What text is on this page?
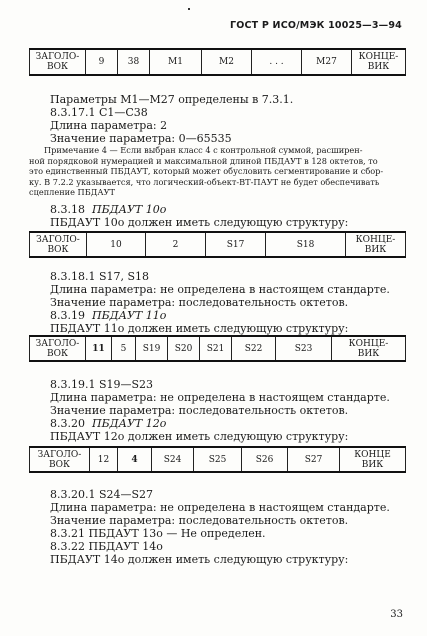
ГОСТ Р ИСО/МЭК 10025—3—94
ЗАГОЛО-
ВОК	9	38	M1	M2	. . .	M27	КОНЦЕ-
ВИК
Параметры M1—M27 определены в 7.3.1.
8.3.17.1 C1—C38
Длина параметра: 2
Значение параметра: 0—65535
Примечание 4 — Если выбран класс 4 с контрольной суммой, расширен-
ной порядковой нумерацией и максимальной длиной ПБДАУТ в 128 октетов, то
это единственный ПБДАУТ, который может обусловить сегментирование и сбор-
ку. В 7.2.2 указывается, что логический-объект-ВТ-ПАУТ не будет обеспечивать
сцепление ПБДАУТ
8.3.18 ПБДАУТ 10о
ПБДАУТ 10о должен иметь следующую структуру:
ЗАГОЛО-
ВОК	10	2	S17	S18	КОНЦЕ-
ВИК
8.3.18.1 S17, S18
Длина параметра: не определена в настоящем стандарте.
Значение параметра: последовательность октетов.
8.3.19 ПБДАУТ 11о
ПБДАУТ 11о должен иметь следующую структуру:
ЗАГОЛО-
ВОК	11	5	S19	S20	S21	S22	S23	КОНЦЕ-
ВИК
8.3.19.1 S19—S23
Длина параметра: не определена в настоящем стандарте.
Значение параметра: последовательность октетов.
8.3.20 ПБДАУТ 12о
ПБДАУТ 12о должен иметь следующую структуру:
ЗАГОЛО-
ВОК	12	4	S24	S25	S26	S27	КОНЦЕ
ВИК
8.3.20.1 S24—S27
Длина параметра: не определена в настоящем стандарте.
Значение параметра: последовательность октетов.
8.3.21 ПБДАУТ 13о — Не определен.
8.3.22 ПБДАУТ 14о
ПБДАУТ 14о должен иметь следующую структуру:
33
